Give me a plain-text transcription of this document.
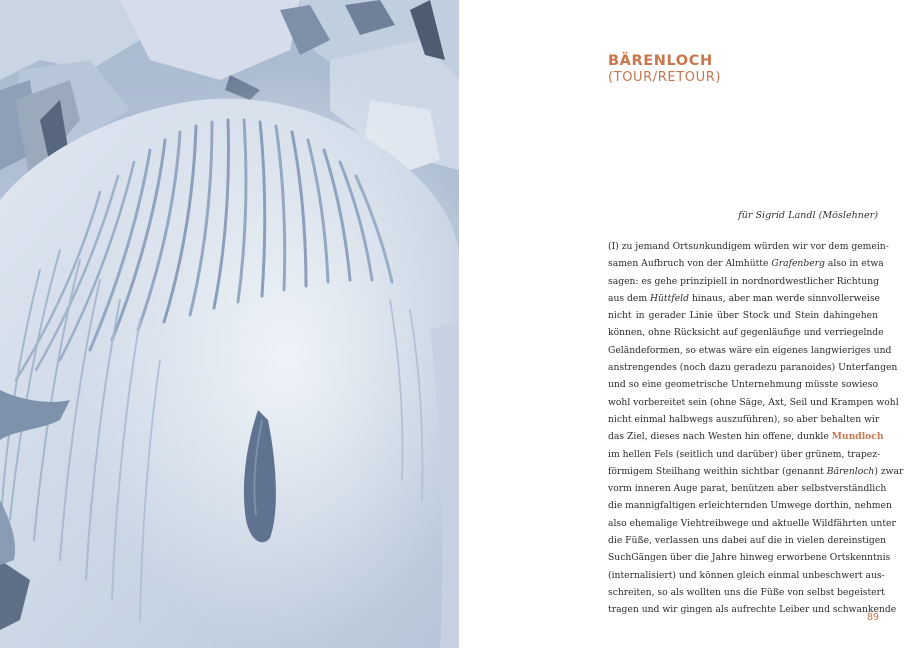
BÄRENLOCH
(TOUR/RETOUR)
für Sigrid Landl (Möslehner)
(I) zu jemand Ortsunkundigem würden wir vor dem gemein-
samen Aufbruch von der Almhütte Grafenberg also in etwa
sagen: es gehe prinzipiell in nordnordwestlicher Richtung
aus dem Hüttfeld hinaus, aber man werde sinnvollerweise
nicht in gerader Linie über Stock und Stein dahingehen
können, ohne Rücksicht auf gegenläufige und verriegelnde
Geländeformen, so etwas wäre ein eigenes langwieriges und
anstrengendes (noch dazu geradezu paranoides) Unterfangen
und so eine geometrische Unternehmung müsste sowieso
wohl vorbereitet sein (ohne Säge, Axt, Seil und Krampen wohl
nicht einmal halbwegs auszuführen), so aber behalten wir
das Ziel, dieses nach Westen hin offene, dunkle Mundloch
im hellen Fels (seitlich und darüber) über grünem, trapez-
förmigem Steilhang weithin sichtbar (genannt Bärenloch) zwar
vorm inneren Auge parat, benützen aber selbstverständlich
die mannigfaltigen erleichternden Umwege dorthin, nehmen
also ehemalige Viehtreibwege und aktuelle Wildfährten unter
die Füße, verlassen uns dabei auf die in vielen dereinstigen
SuchGängen über die Jahre hinweg erworbene Ortskenntnis
(internalisiert) und können gleich einmal unbeschwert aus-
schreiten, so als wollten uns die Füße von selbst begeistert
tragen und wir gingen als aufrechte Leiber und schwankende
89
